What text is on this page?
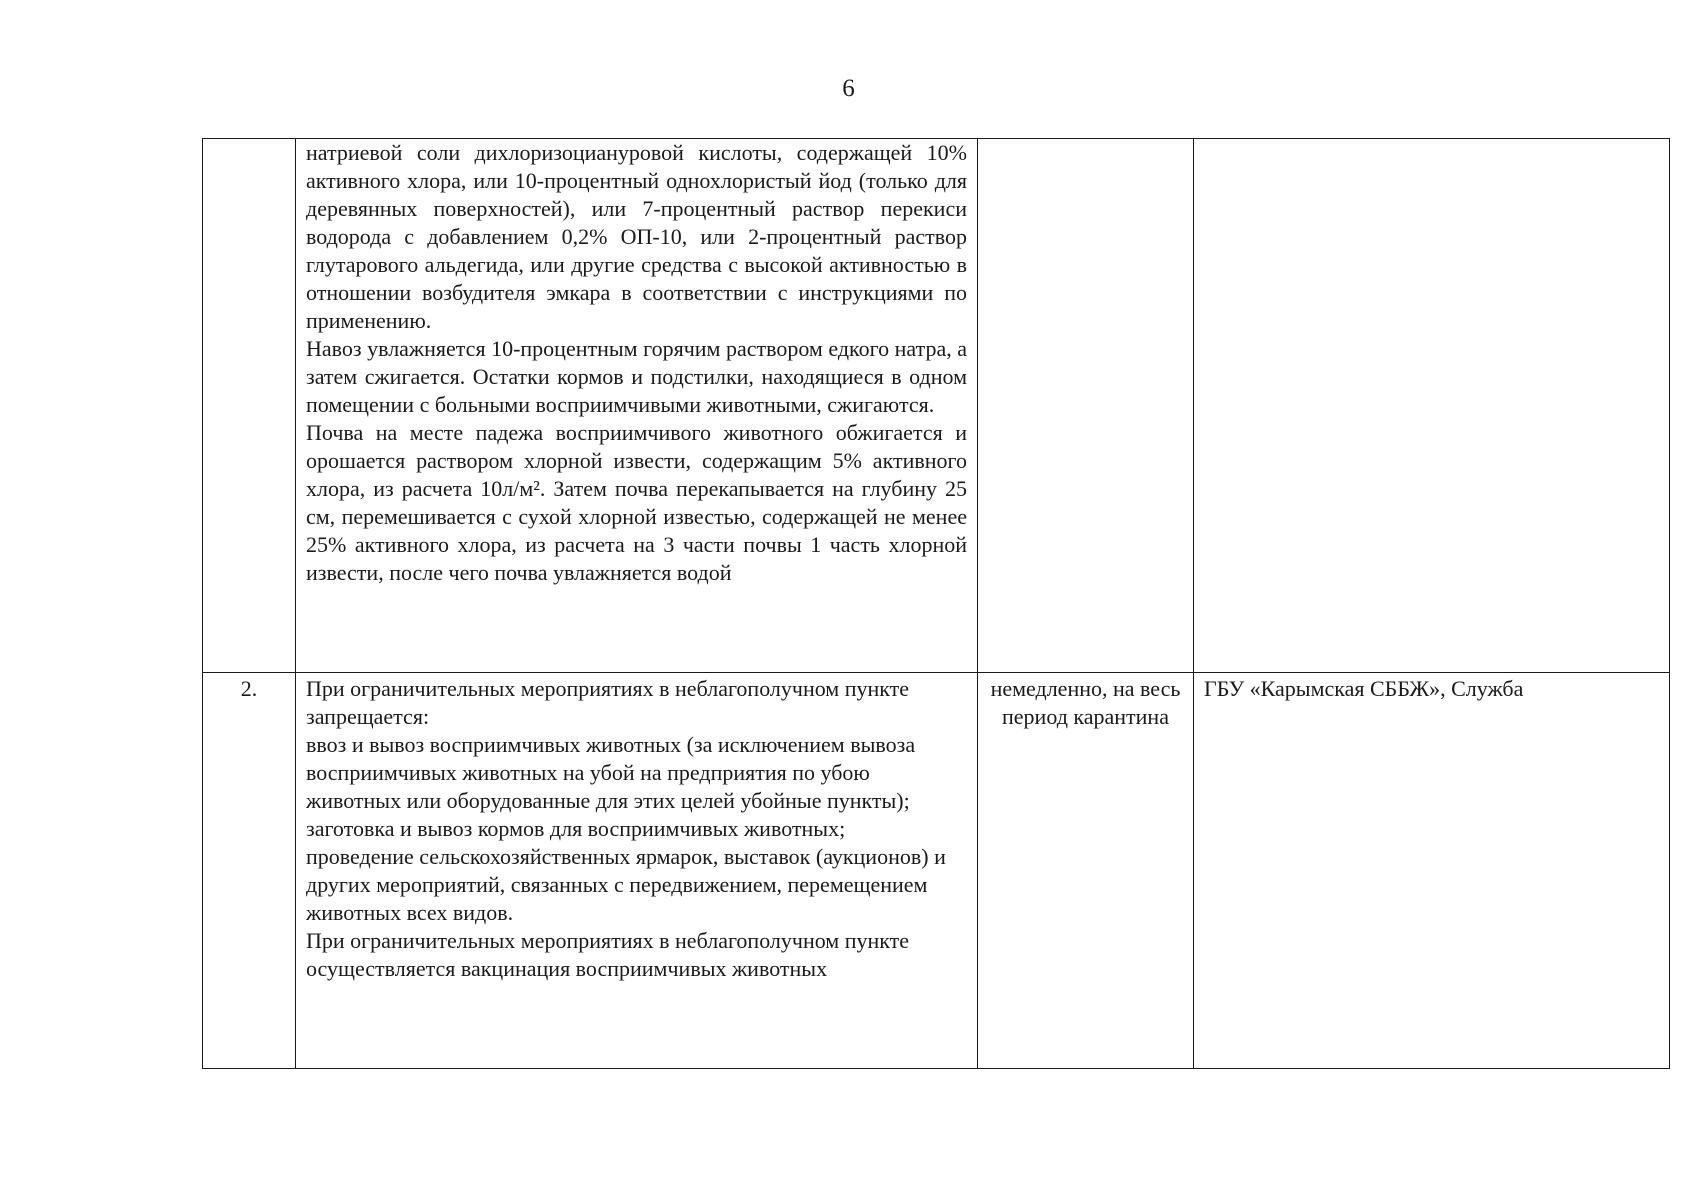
6

	натриевой соли дихлоризоциануровой кислоты, содержащей 10% активного хлора, или 10-процентный однохлористый йод (только для деревянных поверхностей), или 7-процентный раствор перекиси водорода с добавлением 0,2% ОП-10, или 2-процентный раствор глутарового альдегида, или другие средства с высокой активностью в отношении возбудителя эмкара в соответствии с инструкциями по применению.

Навоз увлажняется 10-процентным горячим раствором едкого натра, а затем сжигается. Остатки кормов и подстилки, находящиеся в одном помещении с больными восприимчивыми животными, сжигаются.

Почва на месте падежа восприимчивого животного обжигается и орошается раствором хлорной извести, содержащим 5% активного хлора, из расчета 10л/м². Затем почва перекапывается на глубину 25 см, перемешивается с сухой хлорной известью, содержащей не менее 25% активного хлора, из расчета на 3 части почвы 1 часть хлорной извести, после чего почва увлажняется водой		

2.	При ограничительных мероприятиях в неблагополучном пункте запрещается:

ввоз и вывоз восприимчивых животных (за исключением вывоза восприимчивых животных на убой на предприятия по убою животных или оборудованные для этих целей убойные пункты);

заготовка и вывоз кормов для восприимчивых животных;

проведение сельскохозяйственных ярмарок, выставок (аукционов) и других мероприятий, связанных с передвижением, перемещением животных всех видов.

При ограничительных мероприятиях в неблагополучном пункте осуществляется вакцинация восприимчивых животных	немедленно, на весь период карантина	ГБУ «Карымская СББЖ», Служба
